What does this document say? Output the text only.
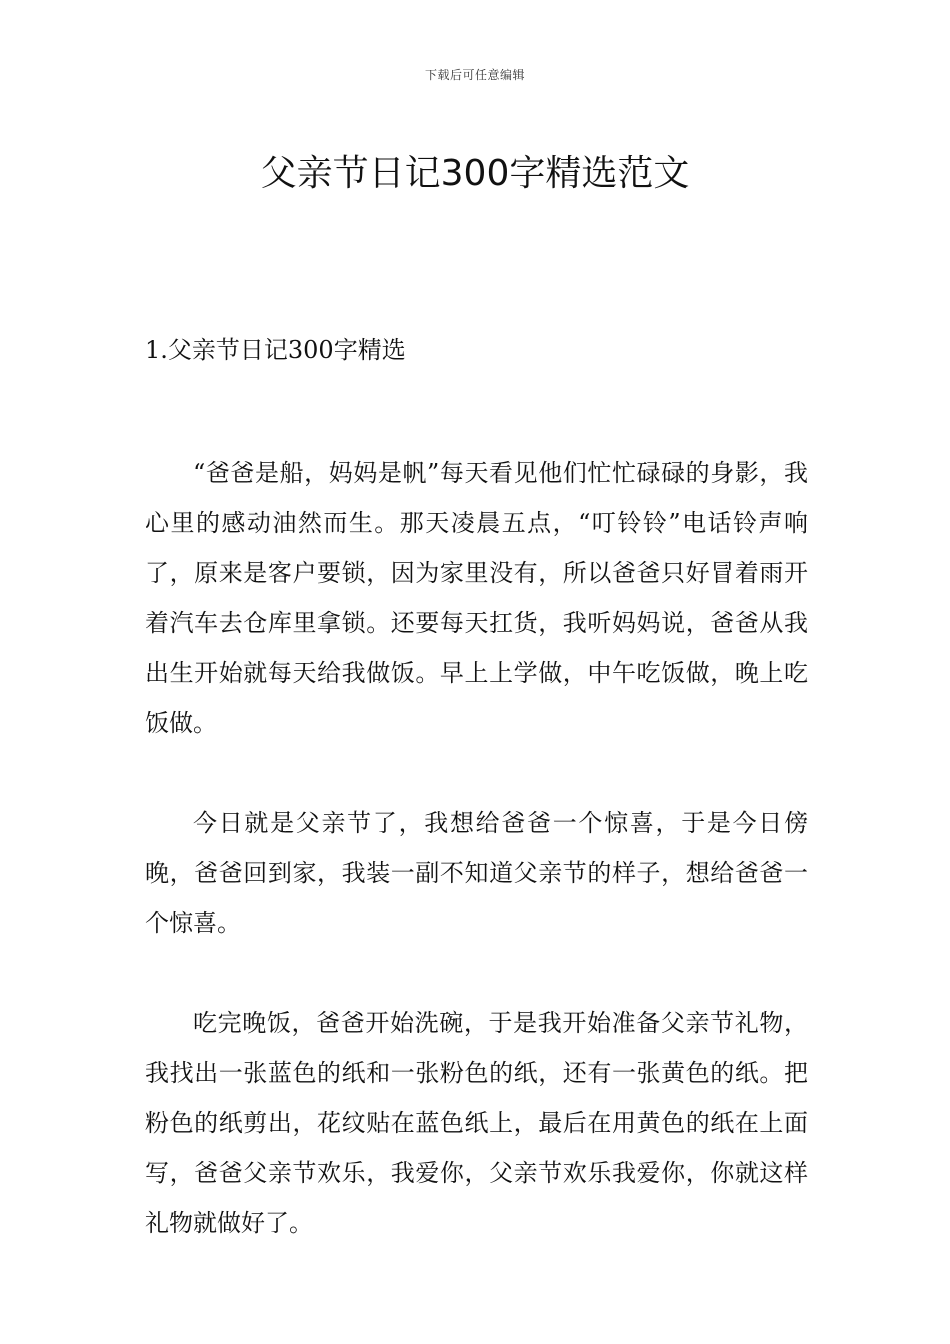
下载后可任意编辑
父亲节日记300字精选范文
1.父亲节日记300字精选

“爸爸是船，妈妈是帆”每天看见他们忙忙碌碌的身影，我心里的感动油然而生。那天凌晨五点，“叮铃铃”电话铃声响了，原来是客户要锁，因为家里没有，所以爸爸只好冒着雨开着汽车去仓库里拿锁。还要每天扛货，我听妈妈说，爸爸从我出生开始就每天给我做饭。早上上学做，中午吃饭做，晚上吃饭做。

今日就是父亲节了，我想给爸爸一个惊喜，于是今日傍晚，爸爸回到家，我装一副不知道父亲节的样子，想给爸爸一个惊喜。

吃完晚饭，爸爸开始洗碗，于是我开始准备父亲节礼物，我找出一张蓝色的纸和一张粉色的纸，还有一张黄色的纸。把粉色的纸剪出，花纹贴在蓝色纸上，最后在用黄色的纸在上面写，爸爸父亲节欢乐，我爱你，父亲节欢乐我爱你，你就这样礼物就做好了。
